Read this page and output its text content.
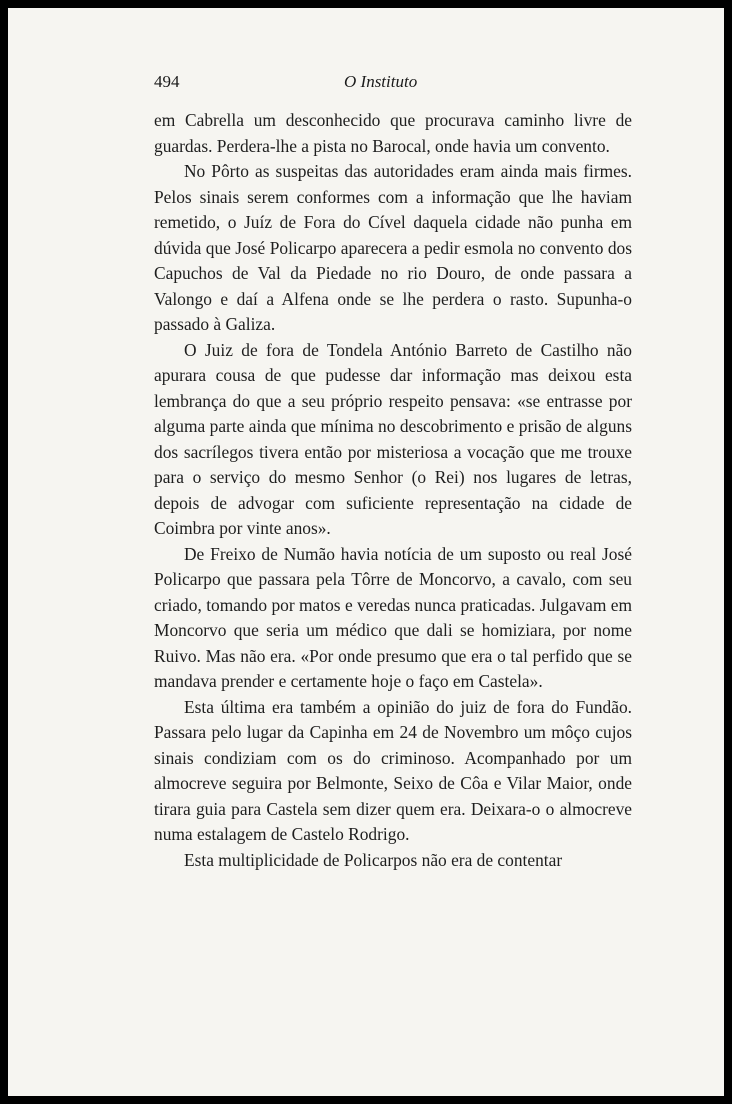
494	O Instituto

em Cabrella um desconhecido que procurava caminho livre de guardas. Perdera-lhe a pista no Barocal, onde havia um convento.

No Pôrto as suspeitas das autoridades eram ainda mais firmes. Pelos sinais serem conformes com a informação que lhe haviam remetido, o Juíz de Fora do Cível daquela cidade não punha em dúvida que José Policarpo aparecera a pedir esmola no convento dos Capuchos de Val da Piedade no rio Douro, de onde passara a Valongo e daí a Alfena onde se lhe perdera o rasto. Supunha-o passado à Galiza.

O Juiz de fora de Tondela António Barreto de Castilho não apurara cousa de que pudesse dar informação mas deixou esta lembrança do que a seu próprio respeito pensava: «se entrasse por alguma parte ainda que mínima no descobrimento e prisão de alguns dos sacrílegos tivera então por misteriosa a vocação que me trouxe para o serviço do mesmo Senhor (o Rei) nos lugares de letras, depois de advogar com suficiente representação na cidade de Coimbra por vinte anos».

De Freixo de Numão havia notícia de um suposto ou real José Policarpo que passara pela Tôrre de Moncorvo, a cavalo, com seu criado, tomando por matos e veredas nunca praticadas. Julgavam em Moncorvo que seria um médico que dali se homiziara, por nome Ruivo. Mas não era. «Por onde presumo que era o tal perfido que se mandava prender e certamente hoje o faço em Castela».

Esta última era também a opinião do juiz de fora do Fundão. Passara pelo lugar da Capinha em 24 de Novembro um môço cujos sinais condiziam com os do criminoso. Acompanhado por um almocreve seguira por Belmonte, Seixo de Côa e Vilar Maior, onde tirara guia para Castela sem dizer quem era. Deixara-o o almocreve numa estalagem de Castelo Rodrigo.

Esta multiplicidade de Policarpos não era de contentar
